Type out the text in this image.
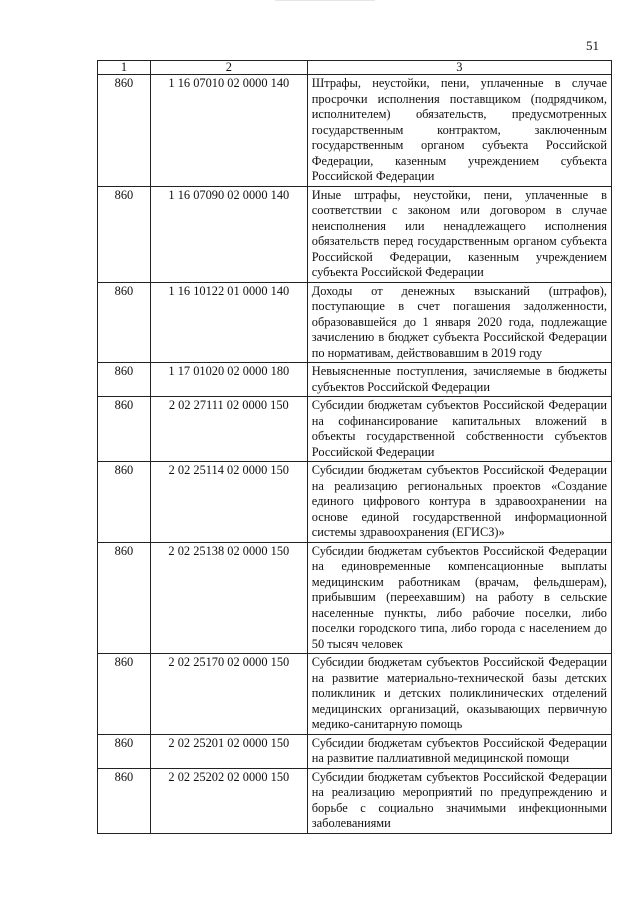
51
1	2	3
860	1 16 07010 02 0000 140	Штрафы, неустойки, пени, уплаченные в случае просрочки исполнения поставщиком (подрядчиком, исполнителем) обязательств, предусмотренных государственным контрактом, заключенным государственным органом субъекта Российской Федерации, казенным учреждением субъекта Российской Федерации
860	1 16 07090 02 0000 140	Иные штрафы, неустойки, пени, уплаченные в соответствии с законом или договором в случае неисполнения или ненадлежащего исполнения обязательств перед государственным органом субъекта Российской Федерации, казенным учреждением субъекта Российской Федерации
860	1 16 10122 01 0000 140	Доходы от денежных взысканий (штрафов), поступающие в счет погашения задолженности, образовавшейся до 1 января 2020 года, подлежащие зачислению в бюджет субъекта Российской Федерации по нормативам, действовавшим в 2019 году
860	1 17 01020 02 0000 180	Невыясненные поступления, зачисляемые в бюджеты субъектов Российской Федерации
860	2 02 27111 02 0000 150	Субсидии бюджетам субъектов Российской Федерации на софинансирование капитальных вложений в объекты государственной собственности субъектов Российской Федерации
860	2 02 25114 02 0000 150	Субсидии бюджетам субъектов Российской Федерации на реализацию региональных проектов «Создание единого цифрового контура в здравоохранении на основе единой государственной информационной системы здравоохранения (ЕГИСЗ)»
860	2 02 25138 02 0000 150	Субсидии бюджетам субъектов Российской Федерации на единовременные компенсационные выплаты медицинским работникам (врачам, фельдшерам), прибывшим (переехавшим) на работу в сельские населенные пункты, либо рабочие поселки, либо поселки городского типа, либо города с населением до 50 тысяч человек
860	2 02 25170 02 0000 150	Субсидии бюджетам субъектов Российской Федерации на развитие материально-технической базы детских поликлиник и детских поликлинических отделений медицинских организаций, оказывающих первичную медико-санитарную помощь
860	2 02 25201 02 0000 150	Субсидии бюджетам субъектов Российской Федерации на развитие паллиативной медицинской помощи
860	2 02 25202 02 0000 150	Субсидии бюджетам субъектов Российской Федерации на реализацию мероприятий по предупреждению и борьбе с социально значимыми инфекционными заболеваниями
